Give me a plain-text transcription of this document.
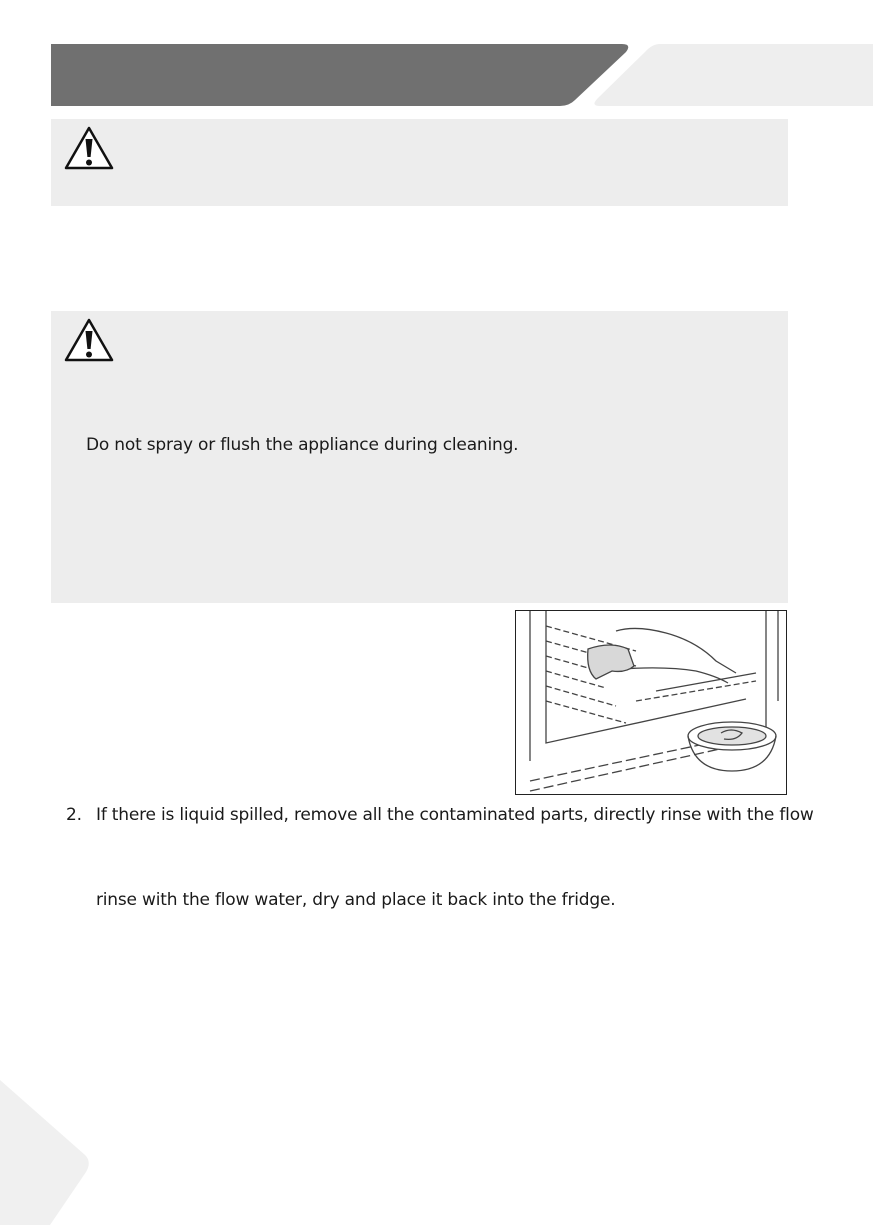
Do not spray or flush the appliance during cleaning.
2. If there is liquid spilled, remove all the contaminated parts, directly rinse with the flow
rinse with the flow water, dry and place it back into the fridge.
